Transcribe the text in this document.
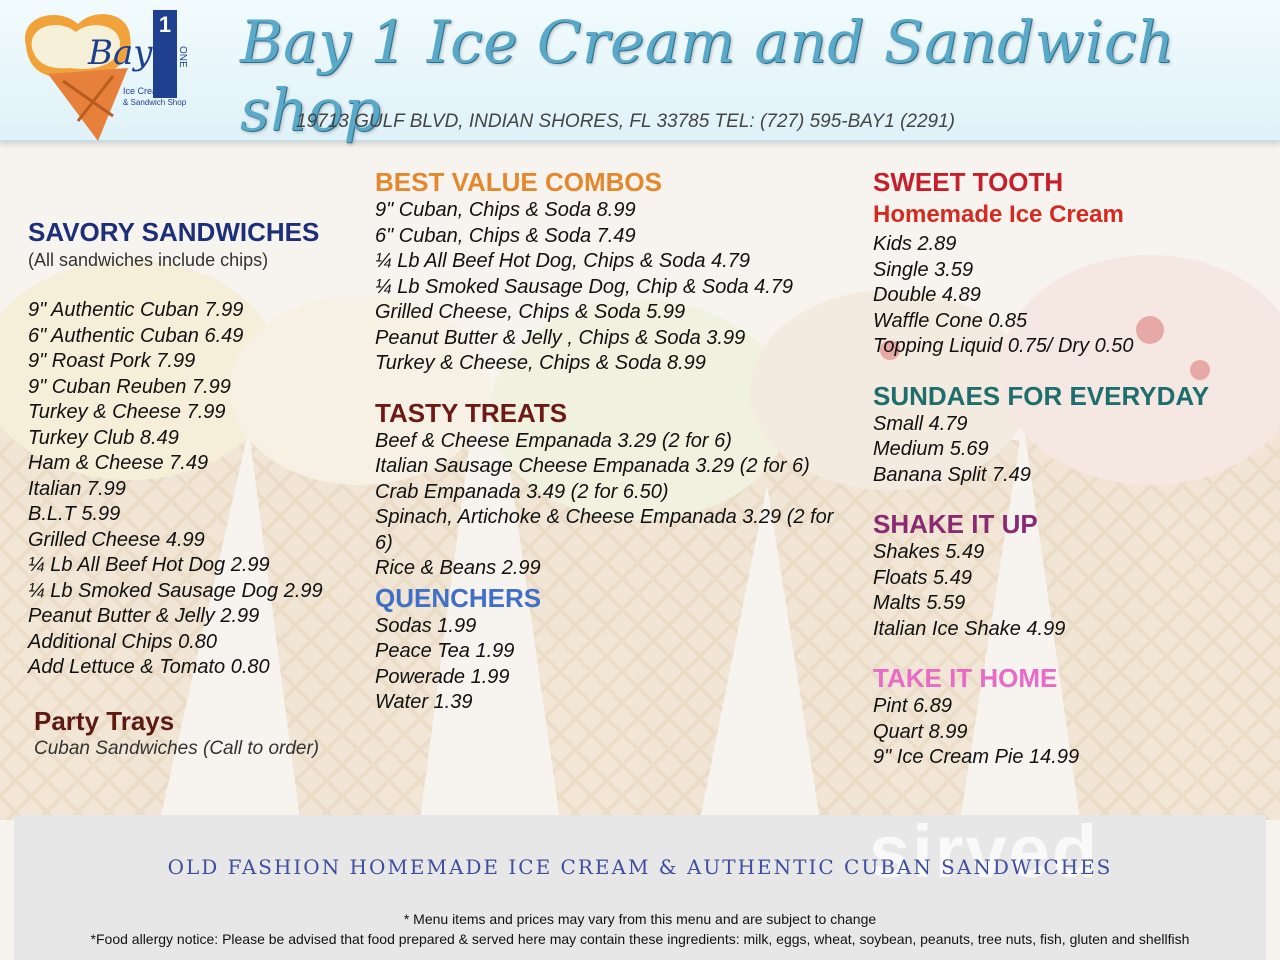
Bay
1
ONE
Ice Cream
& Sandwich Shop
Bay 1 Ice Cream and Sandwich shop
19713 GULF BLVD, INDIAN SHORES, FL 33785 TEL: (727) 595-BAY1 (2291)
SAVORY SANDWICHES
(All sandwiches include chips)
9" Authentic Cuban 7.99
6" Authentic Cuban 6.49
9" Roast Pork 7.99
9" Cuban Reuben 7.99
Turkey & Cheese 7.99
Turkey Club 8.49
Ham & Cheese 7.49
Italian 7.99
B.L.T 5.99
Grilled Cheese 4.99
¼ Lb All Beef Hot Dog 2.99
¼ Lb Smoked Sausage Dog 2.99
Peanut Butter & Jelly 2.99
Additional Chips 0.80
Add Lettuce & Tomato 0.80
Party Trays
Cuban Sandwiches (Call to order)
BEST VALUE COMBOS
9" Cuban, Chips & Soda 8.99
6" Cuban, Chips & Soda 7.49
¼ Lb All Beef Hot Dog, Chips & Soda 4.79
¼ Lb Smoked Sausage Dog, Chip & Soda 4.79
Grilled Cheese, Chips & Soda 5.99
Peanut Butter & Jelly , Chips & Soda 3.99
Turkey & Cheese, Chips & Soda 8.99
TASTY TREATS
Beef & Cheese Empanada 3.29 (2 for 6)
Italian Sausage Cheese Empanada 3.29 (2 for 6)
Crab Empanada 3.49 (2 for 6.50)
Spinach, Artichoke & Cheese Empanada 3.29 (2 for 6)
Rice & Beans 2.99
QUENCHERS
Sodas 1.99
Peace Tea 1.99
Powerade 1.99
Water 1.39
SWEET TOOTH
Homemade Ice Cream
Kids 2.89
Single 3.59
Double 4.89
Waffle Cone 0.85
Topping Liquid 0.75/ Dry 0.50
SUNDAES FOR EVERYDAY
Small 4.79
Medium 5.69
Banana Split 7.49
SHAKE IT UP
Shakes 5.49
Floats 5.49
Malts 5.59
Italian Ice Shake 4.99
TAKE IT HOME
Pint 6.89
Quart 8.99
9" Ice Cream Pie 14.99
sirved
OLD FASHION HOMEMADE ICE CREAM & AUTHENTIC CUBAN SANDWICHES
* Menu items and prices may vary from this menu and are subject to change
*Food allergy notice: Please be advised that food prepared & served here may contain these ingredients: milk, eggs, wheat, soybean, peanuts, tree nuts, fish, gluten and shellfish
